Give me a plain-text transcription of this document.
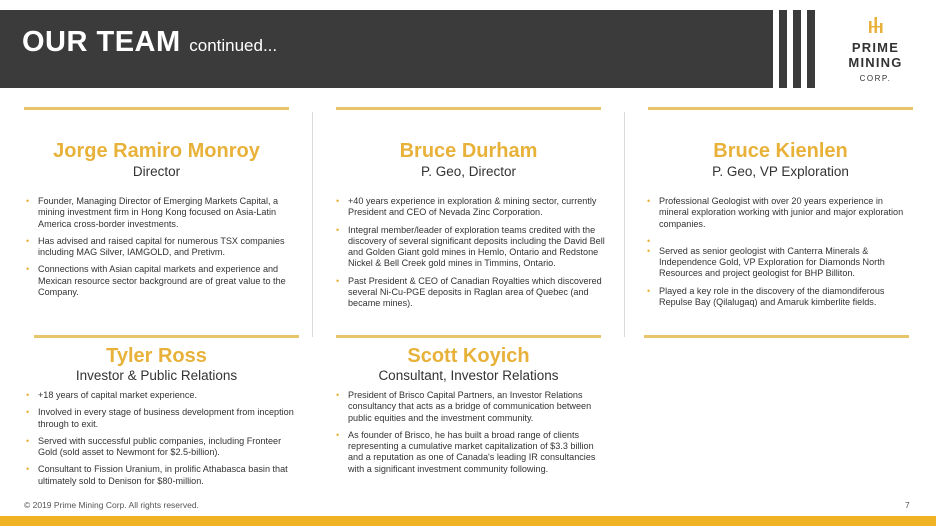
OUR TEAM continued...	PRIME
MINING
CORP.
Jorge Ramiro Monroy
Director
• Founder, Managing Director of Emerging Markets Capital, a mining investment firm in Hong Kong focused on Asia-Latin America cross-border investments.
• Has advised and raised capital for numerous TSX companies including MAG Silver, IAMGOLD, and Pretivm.
• Connections with Asian capital markets and experience and Mexican resource sector background are of great value to the Company.
Bruce Durham
P. Geo, Director
• +40 years experience in exploration & mining sector, currently President and CEO of Nevada Zinc Corporation.
• Integral member/leader of exploration teams credited with the discovery of several significant deposits including the David Bell and Golden Giant gold mines in Hemlo, Ontario and Redstone Nickel & Bell Creek gold mines in Timmins, Ontario.
• Past President & CEO of Canadian Royalties which discovered several Ni-Cu-PGE deposits in Raglan area of Quebec (and became mines).
Bruce Kienlen
P. Geo, VP Exploration
• Professional Geologist with over 20 years experience in mineral exploration working with junior and major exploration companies.
•
• Served as senior geologist with Canterra Minerals & Independence Gold, VP Exploration for Diamonds North Resources and project geologist for BHP Billiton.
• Played a key role in the discovery of the diamondiferous Repulse Bay (Qilalugaq) and Amaruk kimberlite fields.
Tyler Ross
Investor & Public Relations
• +18 years of capital market experience.
• Involved in every stage of business development from inception through to exit.
• Served with successful public companies, including Fronteer Gold (sold asset to Newmont for $2.5-billion).
• Consultant to Fission Uranium, in prolific Athabasca basin that ultimately sold to Denison for $80-million.
Scott Koyich
Consultant, Investor Relations
• President of Brisco Capital Partners, an Investor Relations consultancy that acts as a bridge of communication between public equities and the investment community.
• As founder of Brisco, he has built a broad range of clients representing a cumulative market capitalization of $3.3 billion and a reputation as one of Canada's leading IR consultancies with a significant investment community following.
© 2019 Prime Mining Corp. All rights reserved.	7
